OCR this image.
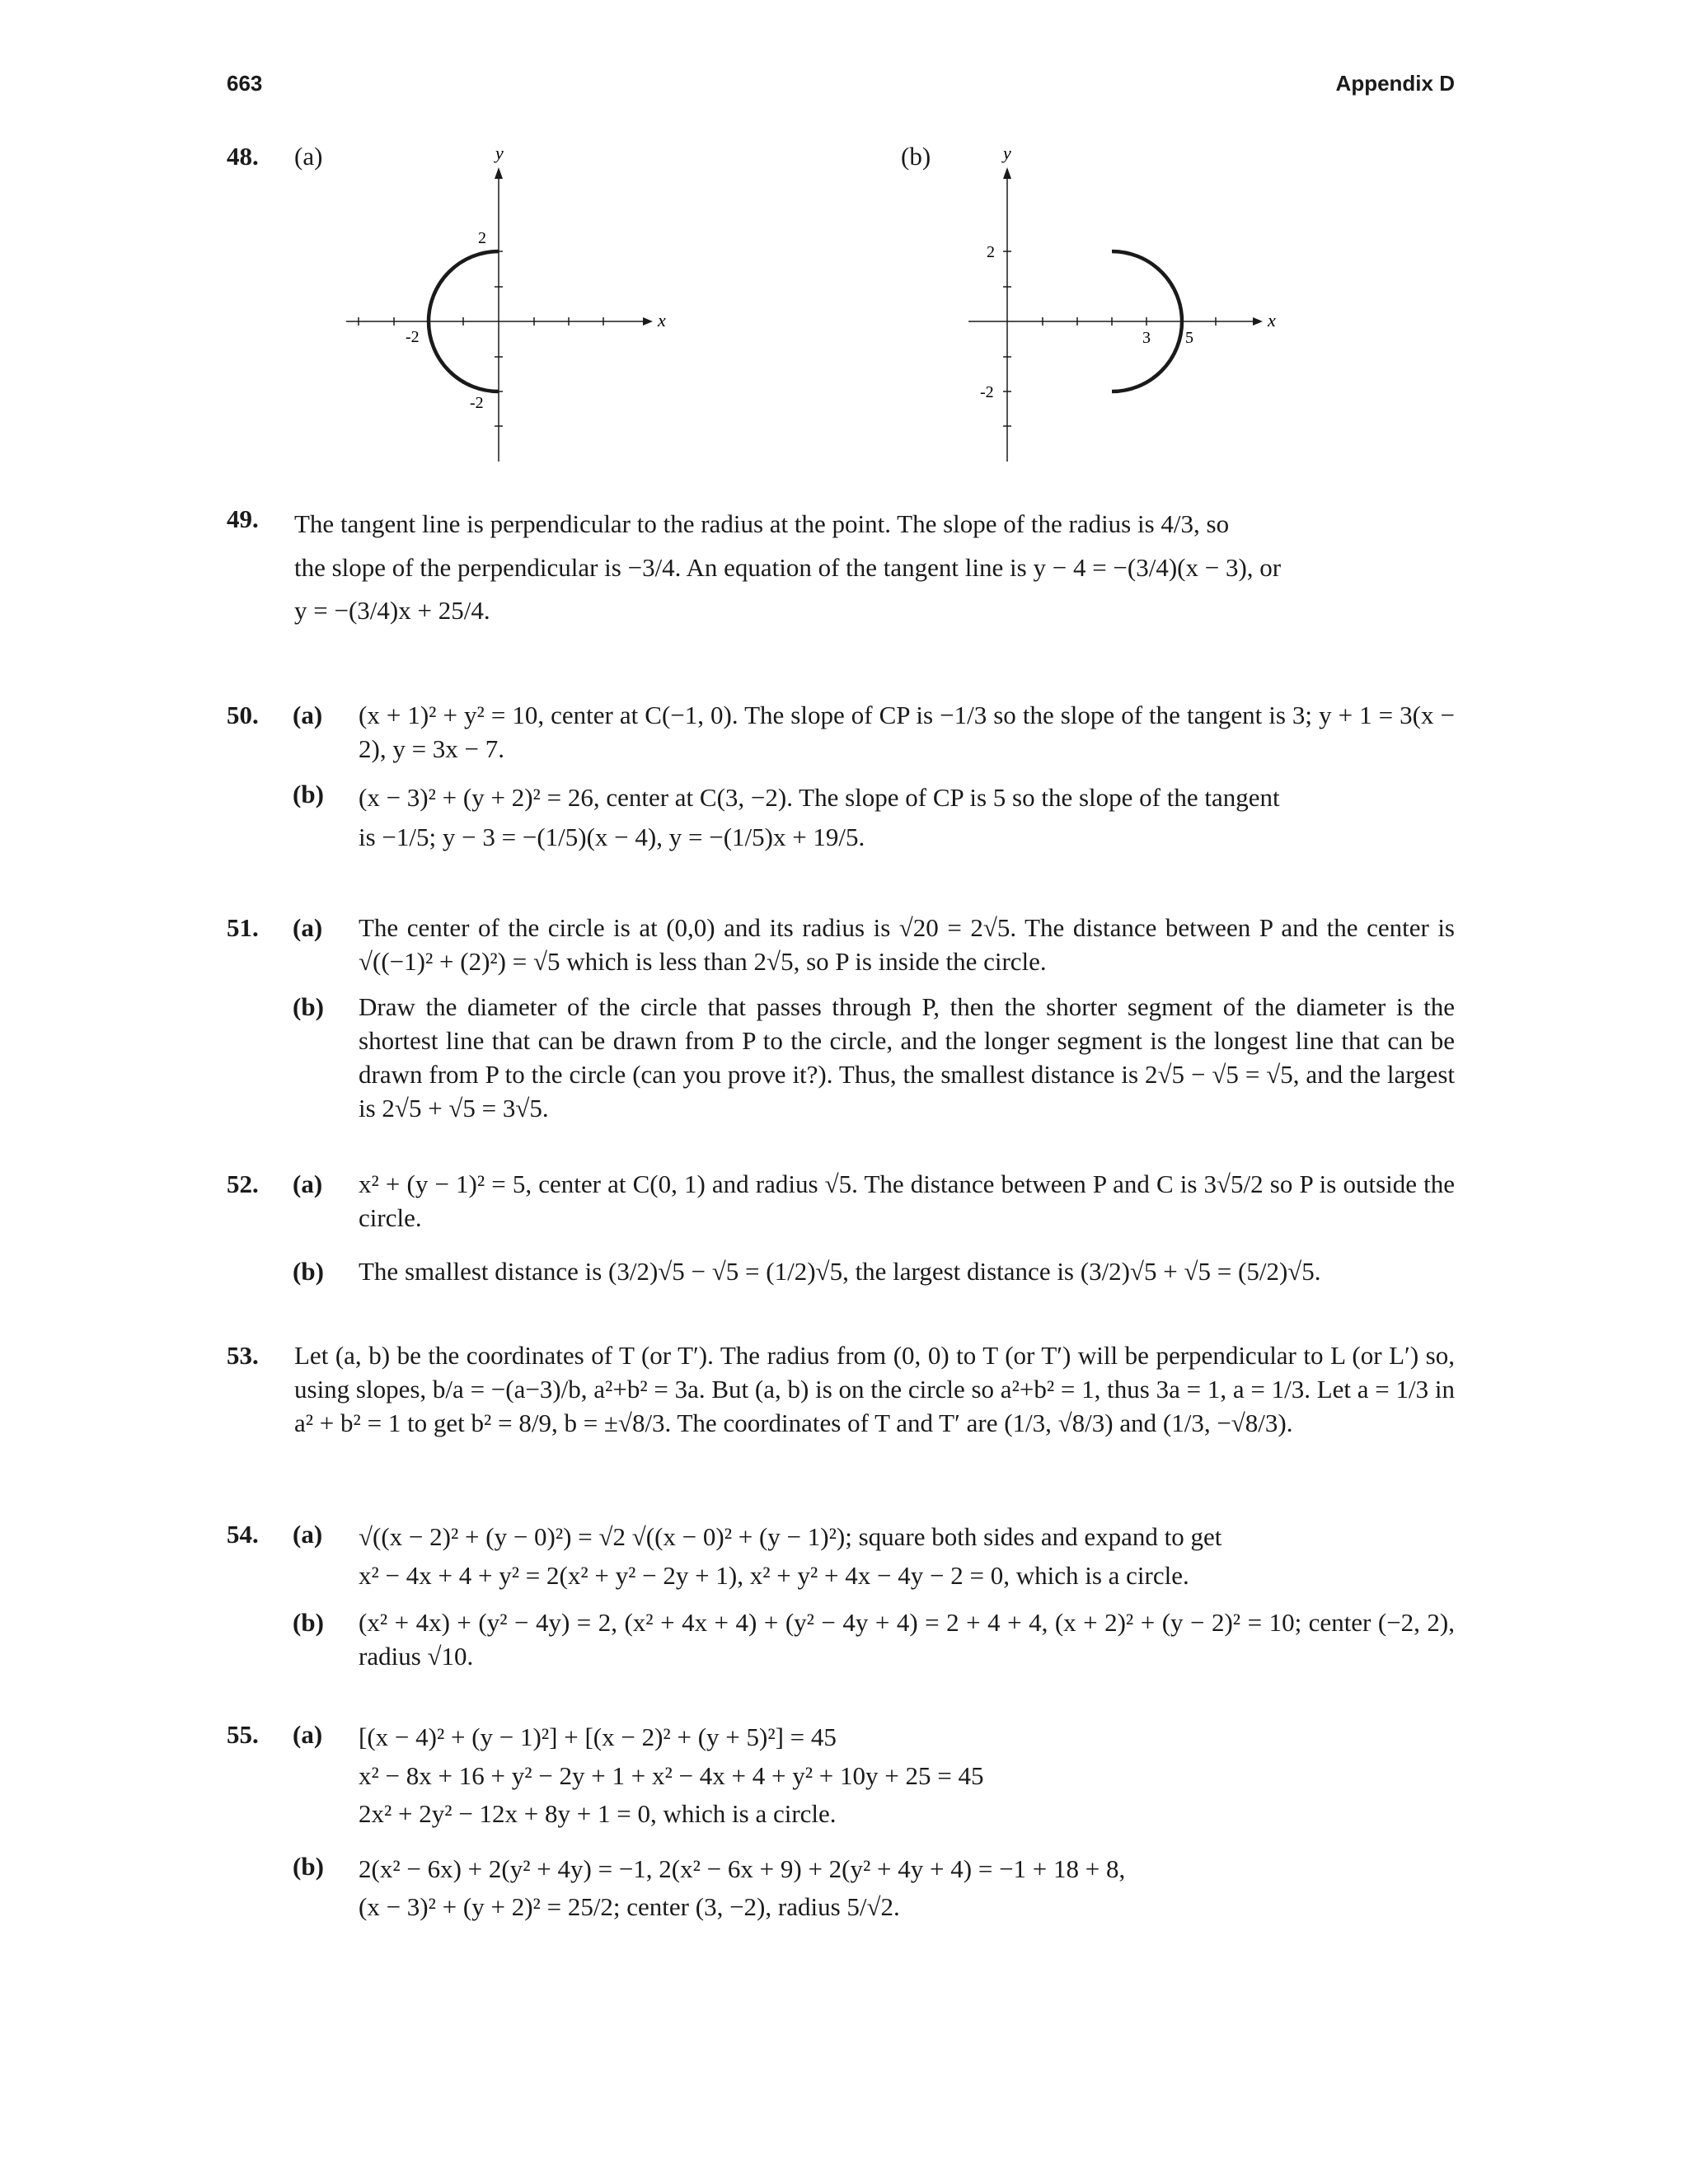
663	Appendix D
48. (a)	(b)
y
x
2
-2
-2
y
x
2
-2
3 5
49. The tangent line is perpendicular to the radius at the point. The slope of the radius is 4/3, so
the slope of the perpendicular is −3/4. An equation of the tangent line is y − 4 = −(3/4)(x − 3), or
y = −(3/4)x + 25/4.
50. (a) (x + 1)² + y² = 10, center at C(−1, 0). The slope of CP is −1/3 so the slope of the tangent is 3; y + 1 = 3(x − 2), y = 3x − 7.
(b) (x − 3)² + (y + 2)² = 26, center at C(3, −2). The slope of CP is 5 so the slope of the tangent
is −1/5; y − 3 = −(1/5)(x − 4), y = −(1/5)x + 19/5.
51. (a) The center of the circle is at (0,0) and its radius is √20 = 2√5. The distance between P and the center is √((−1)² + (2)²) = √5 which is less than 2√5, so P is inside the circle.
(b) Draw the diameter of the circle that passes through P, then the shorter segment of the diameter is the shortest line that can be drawn from P to the circle, and the longer segment is the longest line that can be drawn from P to the circle (can you prove it?). Thus, the smallest distance is 2√5 − √5 = √5, and the largest is 2√5 + √5 = 3√5.
52. (a) x² + (y − 1)² = 5, center at C(0, 1) and radius √5. The distance between P and C is 3√5/2 so P is outside the circle.
(b) The smallest distance is (3/2)√5 − √5 = (1/2)√5, the largest distance is (3/2)√5 + √5 = (5/2)√5.
53. Let (a, b) be the coordinates of T (or T′). The radius from (0, 0) to T (or T′) will be perpendicular to L (or L′) so, using slopes, b/a = −(a−3)/b, a²+b² = 3a. But (a, b) is on the circle so a²+b² = 1, thus 3a = 1, a = 1/3. Let a = 1/3 in a² + b² = 1 to get b² = 8/9, b = ±√8/3. The coordinates of T and T′ are (1/3, √8/3) and (1/3, −√8/3).
54. (a) √((x − 2)² + (y − 0)²) = √2 √((x − 0)² + (y − 1)²); square both sides and expand to get
x² − 4x + 4 + y² = 2(x² + y² − 2y + 1), x² + y² + 4x − 4y − 2 = 0, which is a circle.
(b) (x² + 4x) + (y² − 4y) = 2, (x² + 4x + 4) + (y² − 4y + 4) = 2 + 4 + 4, (x + 2)² + (y − 2)² = 10; center (−2, 2), radius √10.
55. (a) [(x − 4)² + (y − 1)²] + [(x − 2)² + (y + 5)²] = 45
x² − 8x + 16 + y² − 2y + 1 + x² − 4x + 4 + y² + 10y + 25 = 45
2x² + 2y² − 12x + 8y + 1 = 0, which is a circle.
(b) 2(x² − 6x) + 2(y² + 4y) = −1, 2(x² − 6x + 9) + 2(y² + 4y + 4) = −1 + 18 + 8,
(x − 3)² + (y + 2)² = 25/2; center (3, −2), radius 5/√2.
